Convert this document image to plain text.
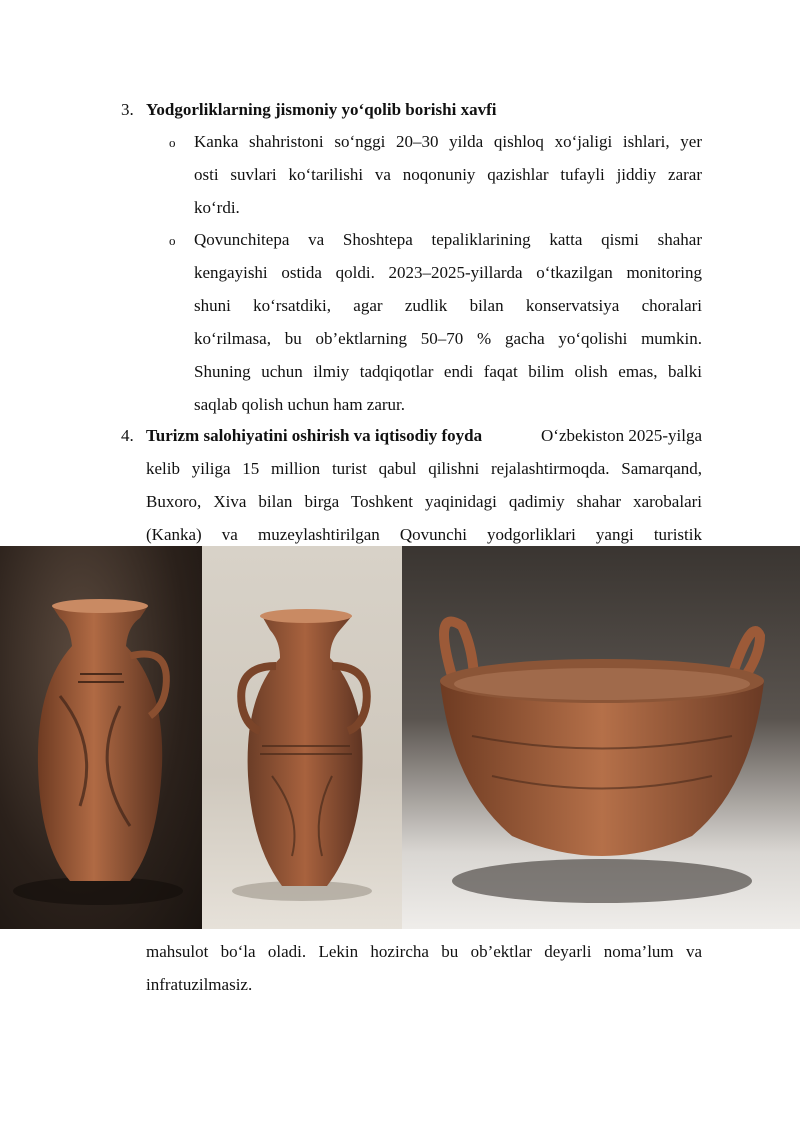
3. Yodgorliklarning jismoniy yo‘qolib borishi xavfi
o Kanka shahristoni so‘nggi 20–30 yilda qishloq xo‘jaligi ishlari, yer
osti suvlari ko‘tarilishi va noqonuniy qazishlar tufayli jiddiy zarar
ko‘rdi.
o Qovunchitepa va Shoshtepa tepaliklarining katta qismi shahar
kengayishi ostida qoldi. 2023–2025-yillarda o‘tkazilgan monitoring
shuni ko‘rsatdiki, agar zudlik bilan konservatsiya choralari
ko‘rilmasa, bu ob’ektlarning 50–70 % gacha yo‘qolishi mumkin.
Shuning uchun ilmiy tadqiqotlar endi faqat bilim olish emas, balki
saqlab qolish uchun ham zarur.
4. Turizm salohiyatini oshirish va iqtisodiy foyda	O‘zbekiston 2025-yilga
kelib yiliga 15 million turist qabul qilishni rejalashtirmoqda. Samarqand,
Buxoro, Xiva bilan birga Toshkent yaqinidagi qadimiy shahar xarobalari
(Kanka) va muzeylashtirilgan Qovunchi yodgorliklari yangi turistik
mahsulot bo‘la oladi. Lekin hozircha bu ob’ektlar deyarli noma’lum va
infratuzilmasiz.
